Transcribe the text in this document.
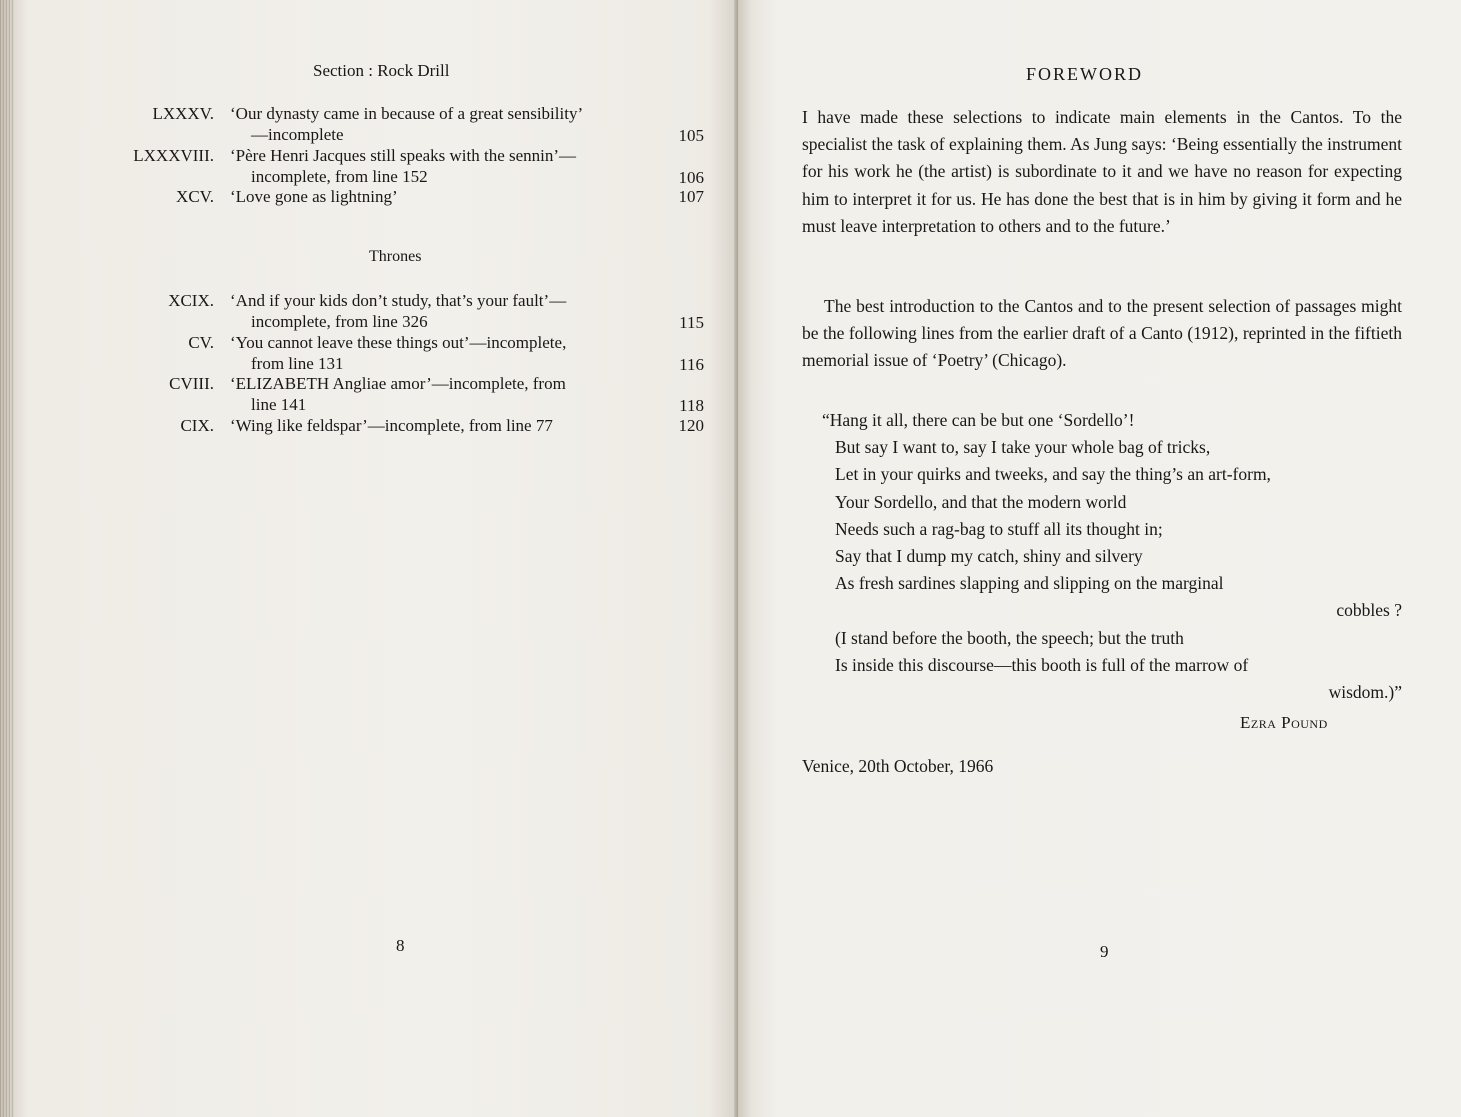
Section : Rock Drill
LXXXV. ‘Our dynasty came in because of a great sensibility’
—incomplete	105
LXXXVIII. ‘Père Henri Jacques still speaks with the sennin’—
incomplete, from line 152	106
XCV. ‘Love gone as lightning’	107
Thrones
XCIX. ‘And if your kids don’t study, that’s your fault’—
incomplete, from line 326	115
CV. ‘You cannot leave these things out’—incomplete,
from line 131	116
CVIII. ‘ELIZABETH Angliae amor’—incomplete, from
line 141	118
CIX. ‘Wing like feldspar’—incomplete, from line 77	120
8
FOREWORD

I have made these selections to indicate main elements in the Cantos. To the specialist the task of explaining them. As Jung says: ‘Being essentially the instrument for his work he (the artist) is subordinate to it and we have no reason for expecting him to interpret it for us. He has done the best that is in him by giving it form and he must leave interpretation to others and to the future.’

The best introduction to the Cantos and to the present selection of passages might be the following lines from the earlier draft of a Canto (1912), reprinted in the fiftieth memorial issue of ‘Poetry’ (Chicago).

“Hang it all, there can be but one ‘Sordello’!
But say I want to, say I take your whole bag of tricks,
Let in your quirks and tweeks, and say the thing’s an art-form,
Your Sordello, and that the modern world
Needs such a rag-bag to stuff all its thought in;
Say that I dump my catch, shiny and silvery
As fresh sardines slapping and slipping on the marginal
cobbles ?
(I stand before the booth, the speech; but the truth
Is inside this discourse—this booth is full of the marrow of
wisdom.)”
Ezra Pound
Venice, 20th October, 1966
9
